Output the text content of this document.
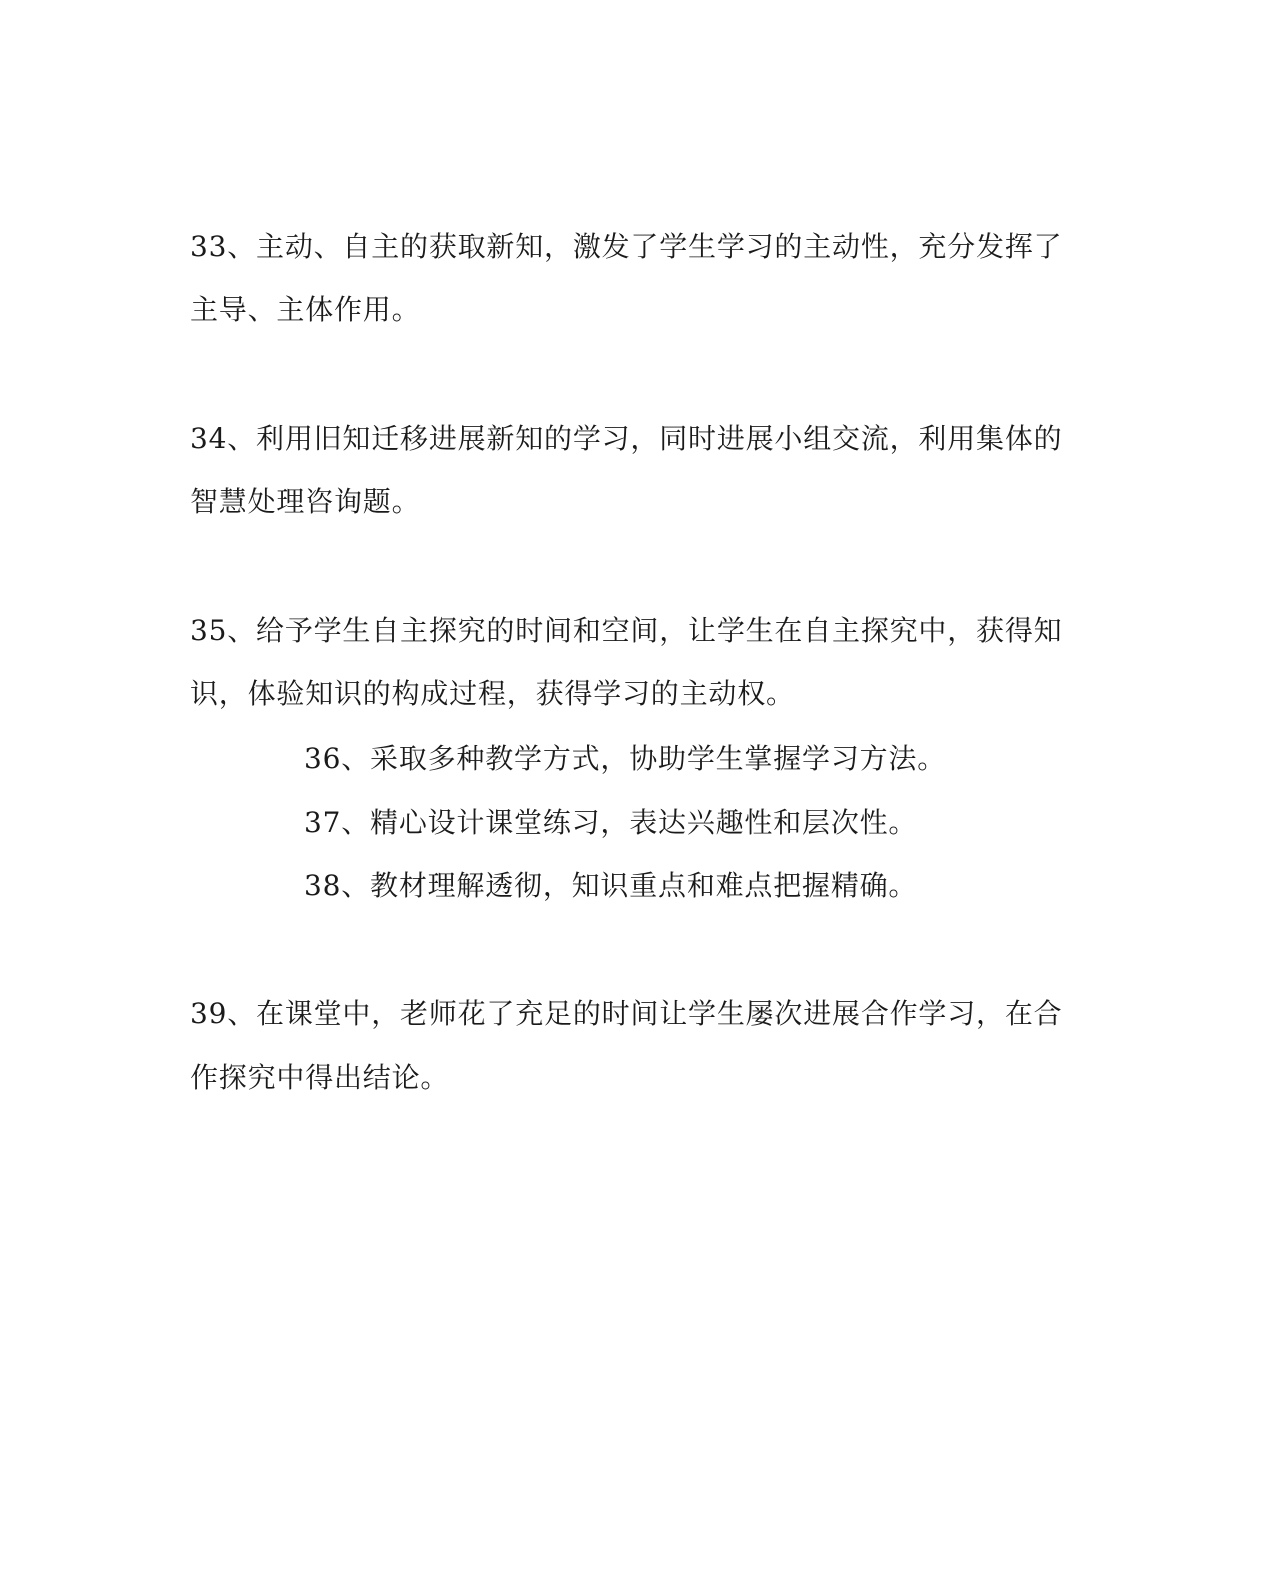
33、主动、自主的获取新知，激发了学生学习的主动性，充分发挥了

主导、主体作用。

34、利用旧知迁移进展新知的学习，同时进展小组交流，利用集体的

智慧处理咨询题。

35、给予学生自主探究的时间和空间，让学生在自主探究中，获得知

识，体验知识的构成过程，获得学习的主动权。

36、采取多种教学方式，协助学生掌握学习方法。

37、精心设计课堂练习，表达兴趣性和层次性。

38、教材理解透彻，知识重点和难点把握精确。

39、在课堂中，老师花了充足的时间让学生屡次进展合作学习，在合

作探究中得出结论。
